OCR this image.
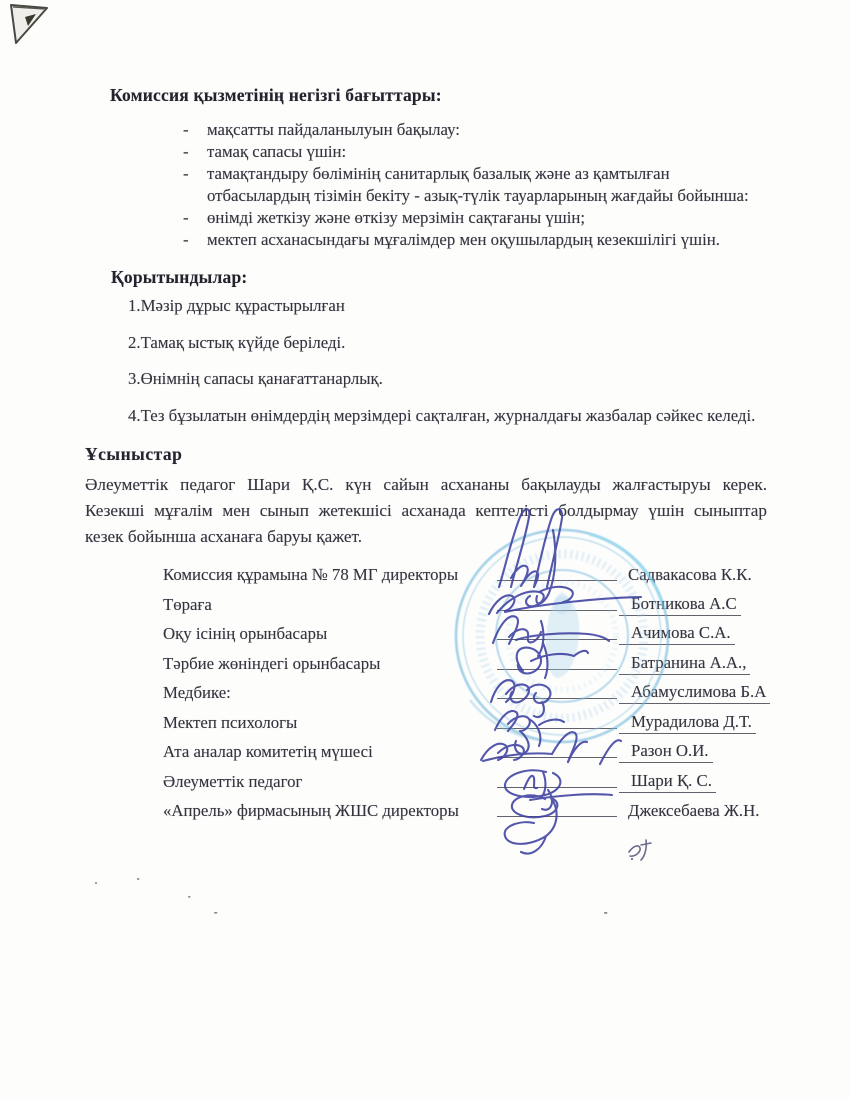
Комиссия қызметінің негізгі бағыттары:
- мақсатты пайдаланылуын бақылау:
- тамақ сапасы үшін:
- тамақтандыру бөлімінің санитарлық базалық және аз қамтылған
отбасылардың тізімін бекіту - азық-түлік тауарларының жағдайы бойынша:
- өнімді жеткізу және өткізу мерзімін сақтағаны үшін;
- мектеп асханасындағы мұғалімдер мен оқушылардың кезекшілігі үшін.
Қорытындылар:

1.Мәзір дұрыс құрастырылған

2.Тамақ ыстық күйде беріледі.

3.Өнімнің сапасы қанағаттанарлық.

4.Тез бұзылатын өнімдердің мерзімдері сақталған, журналдағы жазбалар сәйкес келеді.

Ұсыныстар
Әлеуметтік педагог Шари Қ.С. күн сайын асхананы бақылауды жалғастыруы керек.
Кезекші мұғалім мен сынып жетекшісі асханада кептелісті болдырмау үшін сыныптар
кезек бойынша асханаға баруы қажет.
Комиссия құрамына № 78 МГ директоры	Садвакасова К.К.
Төраға	Ботникова А.С
Оқу ісінің орынбасары	Ачимова С.А.
Тәрбие жөніндегі орынбасары	Батранина А.А.,
Медбике:	Абамуслимова Б.А
Мектеп психологы	Мурадилова Д.Т.
Ата аналар комитетің мүшесі	Разон О.И.
Әлеуметтік педагог	Шари Қ. С.
«Апрель» фирмасының ЖШС директоры	Джексебаева Ж.Н.
